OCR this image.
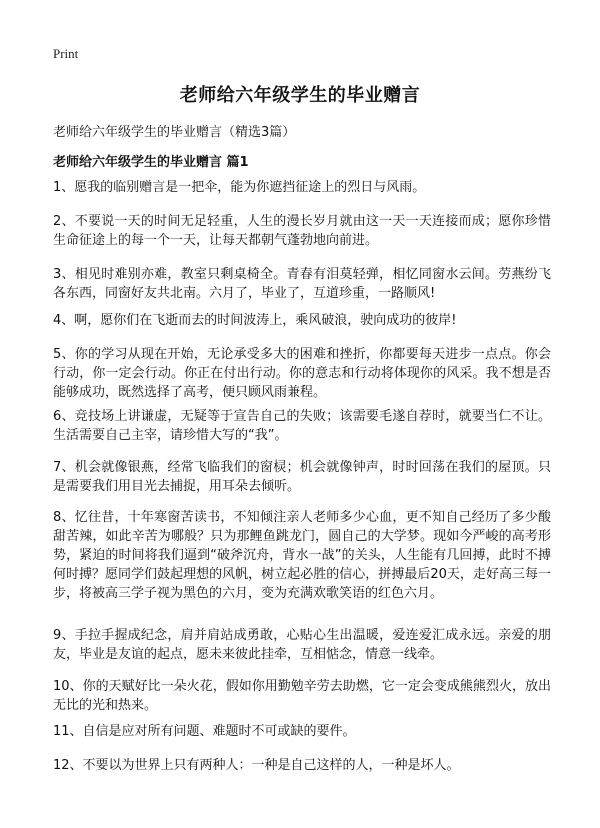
Print
老师给六年级学生的毕业赠言

老师给六年级学生的毕业赠言（精选3篇）

老师给六年级学生的毕业赠言 篇1

1、愿我的临别赠言是一把伞，能为你遮挡征途上的烈日与风雨。

2、不要说一天的时间无足轻重，人生的漫长岁月就由这一天一天连接而成；愿你珍惜生命征途上的每一个一天，让每天都朝气蓬勃地向前进。

3、相见时难别亦难，教室只剩桌椅全。青春有泪莫轻弹，相忆同窗水云间。劳燕纷飞各东西，同窗好友共北南。六月了，毕业了，互道珍重，一路顺风!

4、啊，愿你们在飞逝而去的时间波涛上，乘风破浪，驶向成功的彼岸!

5、你的学习从现在开始，无论承受多大的困难和挫折，你都要每天进步一点点。你会行动，你一定会行动。你正在付出行动。你的意志和行动将体现你的风采。我不想是否能够成功，既然选择了高考，便只顾风雨兼程。

6、竞技场上讲谦虚，无疑等于宣告自己的失败；该需要毛遂自荐时，就要当仁不让。生活需要自己主宰，请珍惜大写的“我”。

7、机会就像银燕，经常飞临我们的窗棂；机会就像钟声，时时回荡在我们的屋顶。只是需要我们用目光去捕捉，用耳朵去倾听。

8、忆往昔，十年寒窗苦读书，不知倾注亲人老师多少心血，更不知自己经历了多少酸甜苦辣，如此辛苦为哪般？只为那鲤鱼跳龙门，圆自己的大学梦。现如今严峻的高考形势，紧迫的时间将我们逼到“破斧沉舟，背水一战”的关头，人生能有几回搏，此时不搏何时搏？愿同学们鼓起理想的风帆，树立起必胜的信心，拼搏最后20天，走好高三每一步，将被高三学子视为黑色的六月，变为充满欢歌笑语的红色六月。

9、手拉手握成纪念，肩并肩站成勇敢，心贴心生出温暖，爱连爱汇成永远。亲爱的朋友，毕业是友谊的起点，愿未来彼此挂牵，互相惦念，情意一线牵。

10、你的天赋好比一朵火花，假如你用勤勉辛劳去助燃，它一定会变成熊熊烈火，放出无比的光和热来。

11、自信是应对所有问题、难题时不可或缺的要件。

12、不要以为世界上只有两种人：一种是自己这样的人，一种是坏人。
